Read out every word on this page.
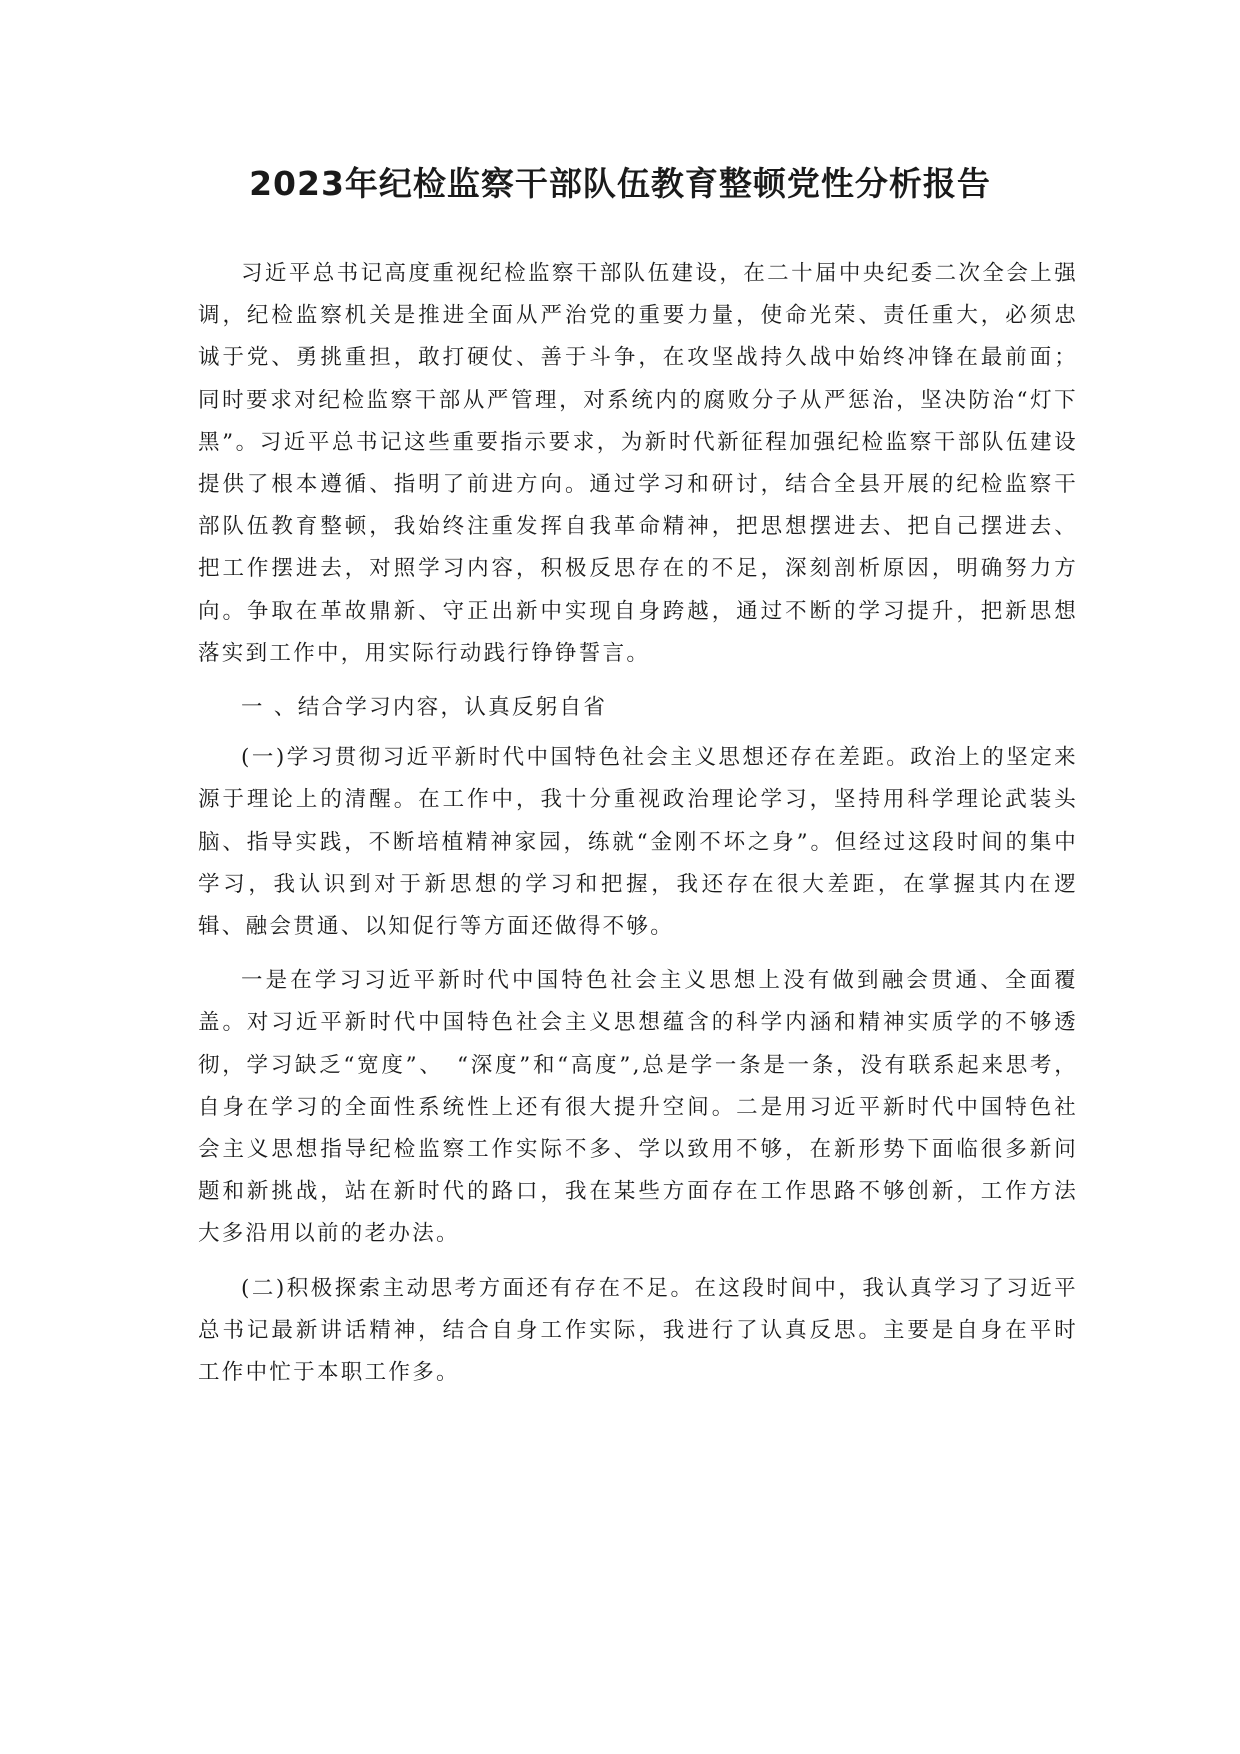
2023年纪检监察干部队伍教育整顿党性分析报告

习近平总书记高度重视纪检监察干部队伍建设，在二十届中央纪委二次全会上强调，纪检监察机关是推进全面从严治党的重要力量，使命光荣、责任重大，必须忠诚于党、勇挑重担，敢打硬仗、善于斗争，在攻坚战持久战中始终冲锋在最前面；同时要求对纪检监察干部从严管理，对系统内的腐败分子从严惩治，坚决防治“灯下黑”。习近平总书记这些重要指示要求，为新时代新征程加强纪检监察干部队伍建设提供了根本遵循、指明了前进方向。通过学习和研讨，结合全县开展的纪检监察干部队伍教育整顿，我始终注重发挥自我革命精神，把思想摆进去、把自己摆进去、把工作摆进去，对照学习内容，积极反思存在的不足，深刻剖析原因，明确努力方向。争取在革故鼎新、守正出新中实现自身跨越，通过不断的学习提升，把新思想落实到工作中，用实际行动践行铮铮誓言。

一 、结合学习内容，认真反躬自省

(一)学习贯彻习近平新时代中国特色社会主义思想还存在差距。政治上的坚定来源于理论上的清醒。在工作中，我十分重视政治理论学习，坚持用科学理论武装头脑、指导实践，不断培植精神家园，练就“金刚不坏之身”。但经过这段时间的集中学习，我认识到对于新思想的学习和把握，我还存在很大差距，在掌握其内在逻辑、融会贯通、以知促行等方面还做得不够。

一是在学习习近平新时代中国特色社会主义思想上没有做到融会贯通、全面覆盖。对习近平新时代中国特色社会主义思想蕴含的科学内涵和精神实质学的不够透彻，学习缺乏“宽度”、　“深度”和“高度”,总是学一条是一条，没有联系起来思考，自身在学习的全面性系统性上还有很大提升空间。二是用习近平新时代中国特色社会主义思想指导纪检监察工作实际不多、学以致用不够，在新形势下面临很多新问题和新挑战，站在新时代的路口，我在某些方面存在工作思路不够创新，工作方法大多沿用以前的老办法。

(二)积极探索主动思考方面还有存在不足。在这段时间中，我认真学习了习近平总书记最新讲话精神，结合自身工作实际，我进行了认真反思。主要是自身在平时工作中忙于本职工作多。
